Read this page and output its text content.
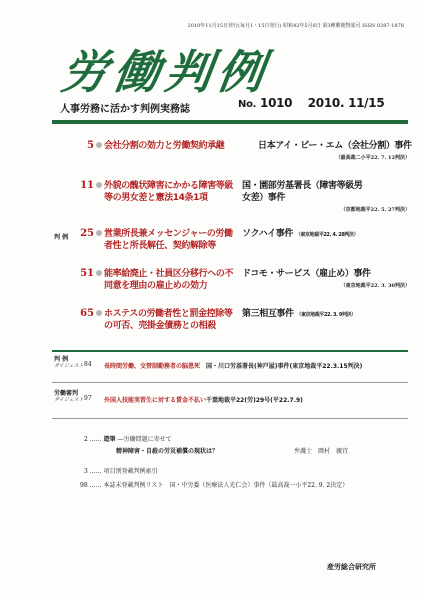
2010年11月15日発行(毎月1・15日発行) 昭和42年5月6日 第3種郵便物認可 ISSN 0387-1878
労働判例
人事労務に活かす判例実務誌	No. 1010 2010. 11/15
判 例
5 会社分割の効力と労働契約承継	日本アイ・ビー・エム（会社分割）事件
（最高裁二小平22. 7. 12判決）
11 外貌の醜状障害にかかる障害等級等の男女差と憲法14条1項
国・園部労基署長（障害等級男女差）事件
（京都地裁平22. 5. 27判決）
25 営業所長兼メッセンジャーの労働者性と所長解任、契約解除等
ソクハイ事件 （東京地裁平22. 4. 28判決）
51 能率給廃止・社員区分移行への不同意を理由の雇止めの効力
ドコモ・サービス（雇止め）事件
（東京地裁平22. 3. 30判決）
65 ホステスの労働者性と罰金控除等の可否、売掛金債務との相殺
第三相互事件 （東京地裁平22. 3. 9判決）
判 例
ダイジェスト 84 長時間労働、交替制勤務者の脳患死 国・川口労基署長(神戸屋)事件(東京地裁平22.3.15判決)
労働審判
ダイジェスト 97 外国人技能実習生に対する賃金不払い 千葉地裁平22(労)29号(平22.7.9)
2 …… 遊筆 ―労働問題に寄せて
精神障害・自殺の労災補償の現状は？	弁護士　岡村　親宜
3 …… 項目別登載判例索引
98 …… 本誌未登載判例リスト　国・中労委（医療法人光仁会）事件（最高裁一小平22. 9. 2決定）
産労総合研究所
